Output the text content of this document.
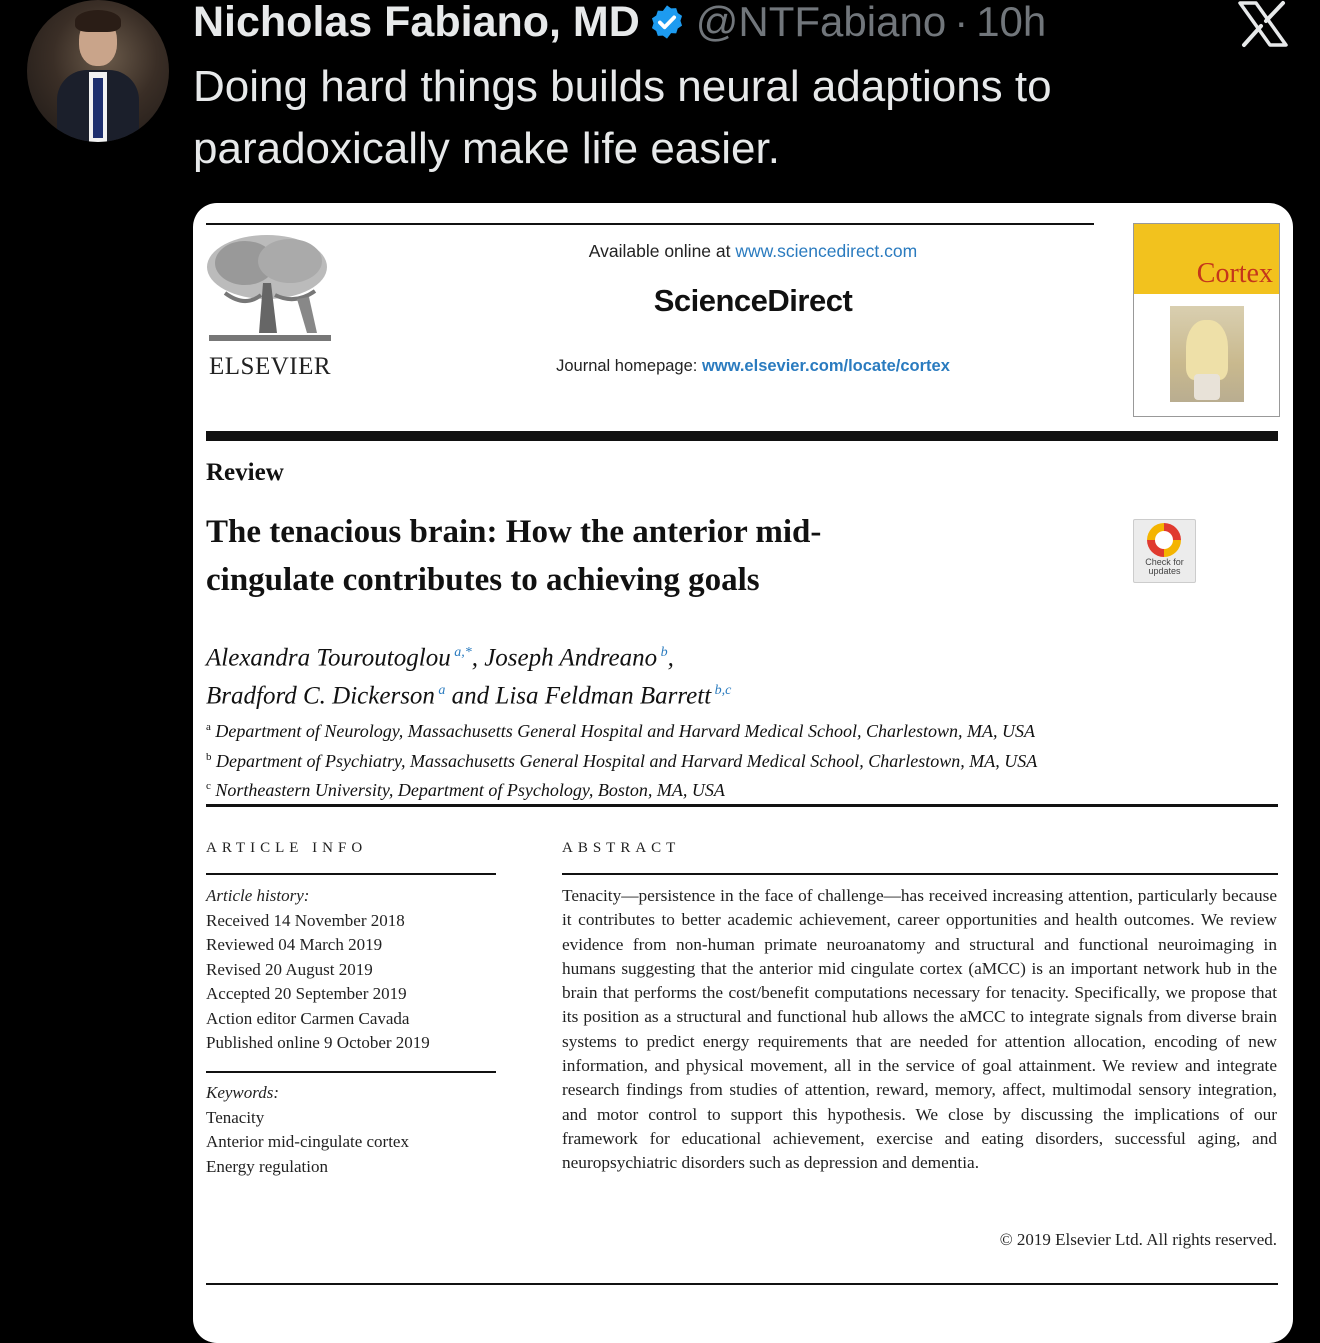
Nicholas Fabiano, MD @NTFabiano · 10h
Doing hard things builds neural adaptions to paradoxically make life easier.
ELSEVIER
Available online at www.sciencedirect.com
ScienceDirect
Journal homepage: www.elsevier.com/locate/cortex
Cortex
Review
The tenacious brain: How the anterior mid-
cingulate contributes to achieving goals	Check for
updates
Alexandra Touroutoglou $^{a,*}$, Joseph Andreano $^b$,
Bradford C. Dickerson $^a$ and Lisa Feldman Barrett $^{b,c}$
$^a$ Department of Neurology, Massachusetts General Hospital and Harvard Medical School, Charlestown, MA, USA
$^b$ Department of Psychiatry, Massachusetts General Hospital and Harvard Medical School, Charlestown, MA, USA
$^c$ Northeastern University, Department of Psychology, Boston, MA, USA
ARTICLE INFO	ABSTRACT
Article history:
Received 14 November 2018
Reviewed 04 March 2019
Revised 20 August 2019
Accepted 20 September 2019
Action editor Carmen Cavada
Published online 9 October 2019
Keywords:
Tenacity
Anterior mid-cingulate cortex
Energy regulation
Tenacity—persistence in the face of challenge—has received increasing attention, particularly because it contributes to better academic achievement, career opportunities and health outcomes. We review evidence from non-human primate neuroanatomy and structural and functional neuroimaging in humans suggesting that the anterior mid cingulate cortex (aMCC) is an important network hub in the brain that performs the cost/benefit computations necessary for tenacity. Specifically, we propose that its position as a structural and functional hub allows the aMCC to integrate signals from diverse brain systems to predict energy requirements that are needed for attention allocation, encoding of new information, and physical movement, all in the service of goal attainment. We review and integrate research findings from studies of attention, reward, memory, affect, multimodal sensory integration, and motor control to support this hypothesis. We close by discussing the implications of our framework for educational achievement, exercise and eating disorders, successful aging, and neuropsychiatric disorders such as depression and dementia.
© 2019 Elsevier Ltd. All rights reserved.
